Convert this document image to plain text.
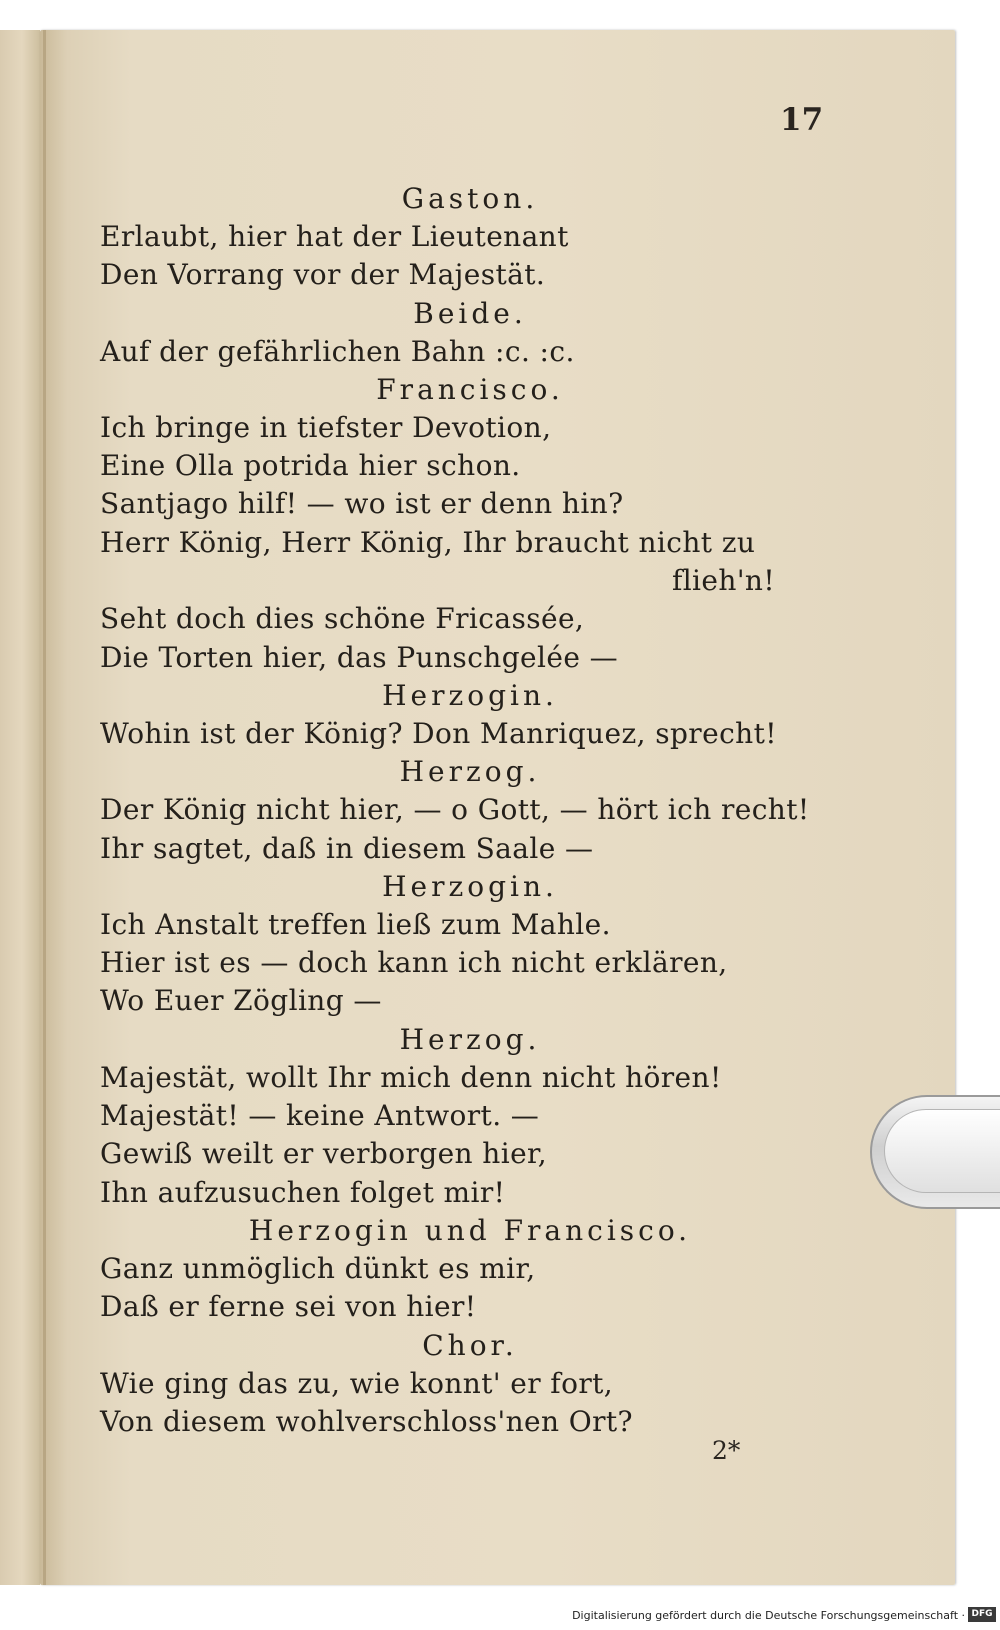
17
Gaston.
Erlaubt, hier hat der Lieutenant
Den Vorrang vor der Majestät.
Beide.
Auf der gefährlichen Bahn :c. :c.
Francisco.
Ich bringe in tiefster Devotion,
Eine Olla potrida hier schon.
Santjago hilf! — wo ist er denn hin?
Herr König, Herr König, Ihr braucht nicht zu
flieh'n!
Seht doch dies schöne Fricassée,
Die Torten hier, das Punschgelée —
Herzogin.
Wohin ist der König? Don Manriquez, sprecht!
Herzog.
Der König nicht hier, — o Gott, — hört ich recht!
Ihr sagtet, daß in diesem Saale —
Herzogin.
Ich Anstalt treffen ließ zum Mahle.
Hier ist es — doch kann ich nicht erklären,
Wo Euer Zögling —
Herzog.
Majestät, wollt Ihr mich denn nicht hören!
Majestät! — keine Antwort. —
Gewiß weilt er verborgen hier,
Ihn aufzusuchen folget mir!
Herzogin und Francisco.
Ganz unmöglich dünkt es mir,
Daß er ferne sei von hier!
Chor.
Wie ging das zu, wie konnt' er fort,
Von diesem wohlverschloss'nen Ort?
2*
Digitalisierung gefördert durch die Deutsche Forschungsgemeinschaft · DFG
